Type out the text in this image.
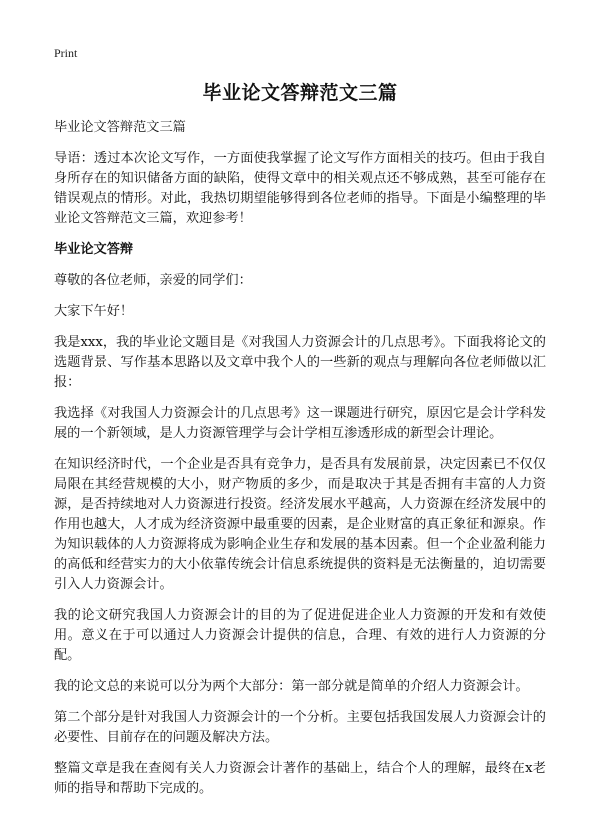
Print
毕业论文答辩范文三篇

毕业论文答辩范文三篇

导语：透过本次论文写作，一方面使我掌握了论文写作方面相关的技巧。但由于我自身所存在的知识储备方面的缺陷，使得文章中的相关观点还不够成熟，甚至可能存在错误观点的情形。对此，我热切期望能够得到各位老师的指导。下面是小编整理的毕业论文答辩范文三篇，欢迎参考！

毕业论文答辩

尊敬的各位老师，亲爱的同学们：

大家下午好！

我是xxx，我的毕业论文题目是《对我国人力资源会计的几点思考》。下面我将论文的选题背景、写作基本思路以及文章中我个人的一些新的观点与理解向各位老师做以汇报：

我选择《对我国人力资源会计的几点思考》这一课题进行研究，原因它是会计学科发展的一个新领域，是人力资源管理学与会计学相互渗透形成的新型会计理论。

在知识经济时代，一个企业是否具有竞争力，是否具有发展前景，决定因素已不仅仅局限在其经营规模的大小，财产物质的多少，而是取决于其是否拥有丰富的人力资源，是否持续地对人力资源进行投资。经济发展水平越高，人力资源在经济发展中的作用也越大，人才成为经济资源中最重要的因素，是企业财富的真正象征和源泉。作为知识载体的人力资源将成为影响企业生存和发展的基本因素。但一个企业盈利能力的高低和经营实力的大小依靠传统会计信息系统提供的资料是无法衡量的，迫切需要引入人力资源会计。

我的论文研究我国人力资源会计的目的为了促进促进企业人力资源的开发和有效使用。意义在于可以通过人力资源会计提供的信息，合理、有效的进行人力资源的分配。

我的论文总的来说可以分为两个大部分：第一部分就是简单的介绍人力资源会计。

第二个部分是针对我国人力资源会计的一个分析。主要包括我国发展人力资源会计的必要性、目前存在的问题及解决方法。

整篇文章是我在查阅有关人力资源会计著作的基础上，结合个人的理解，最终在x老师的指导和帮助下完成的。
